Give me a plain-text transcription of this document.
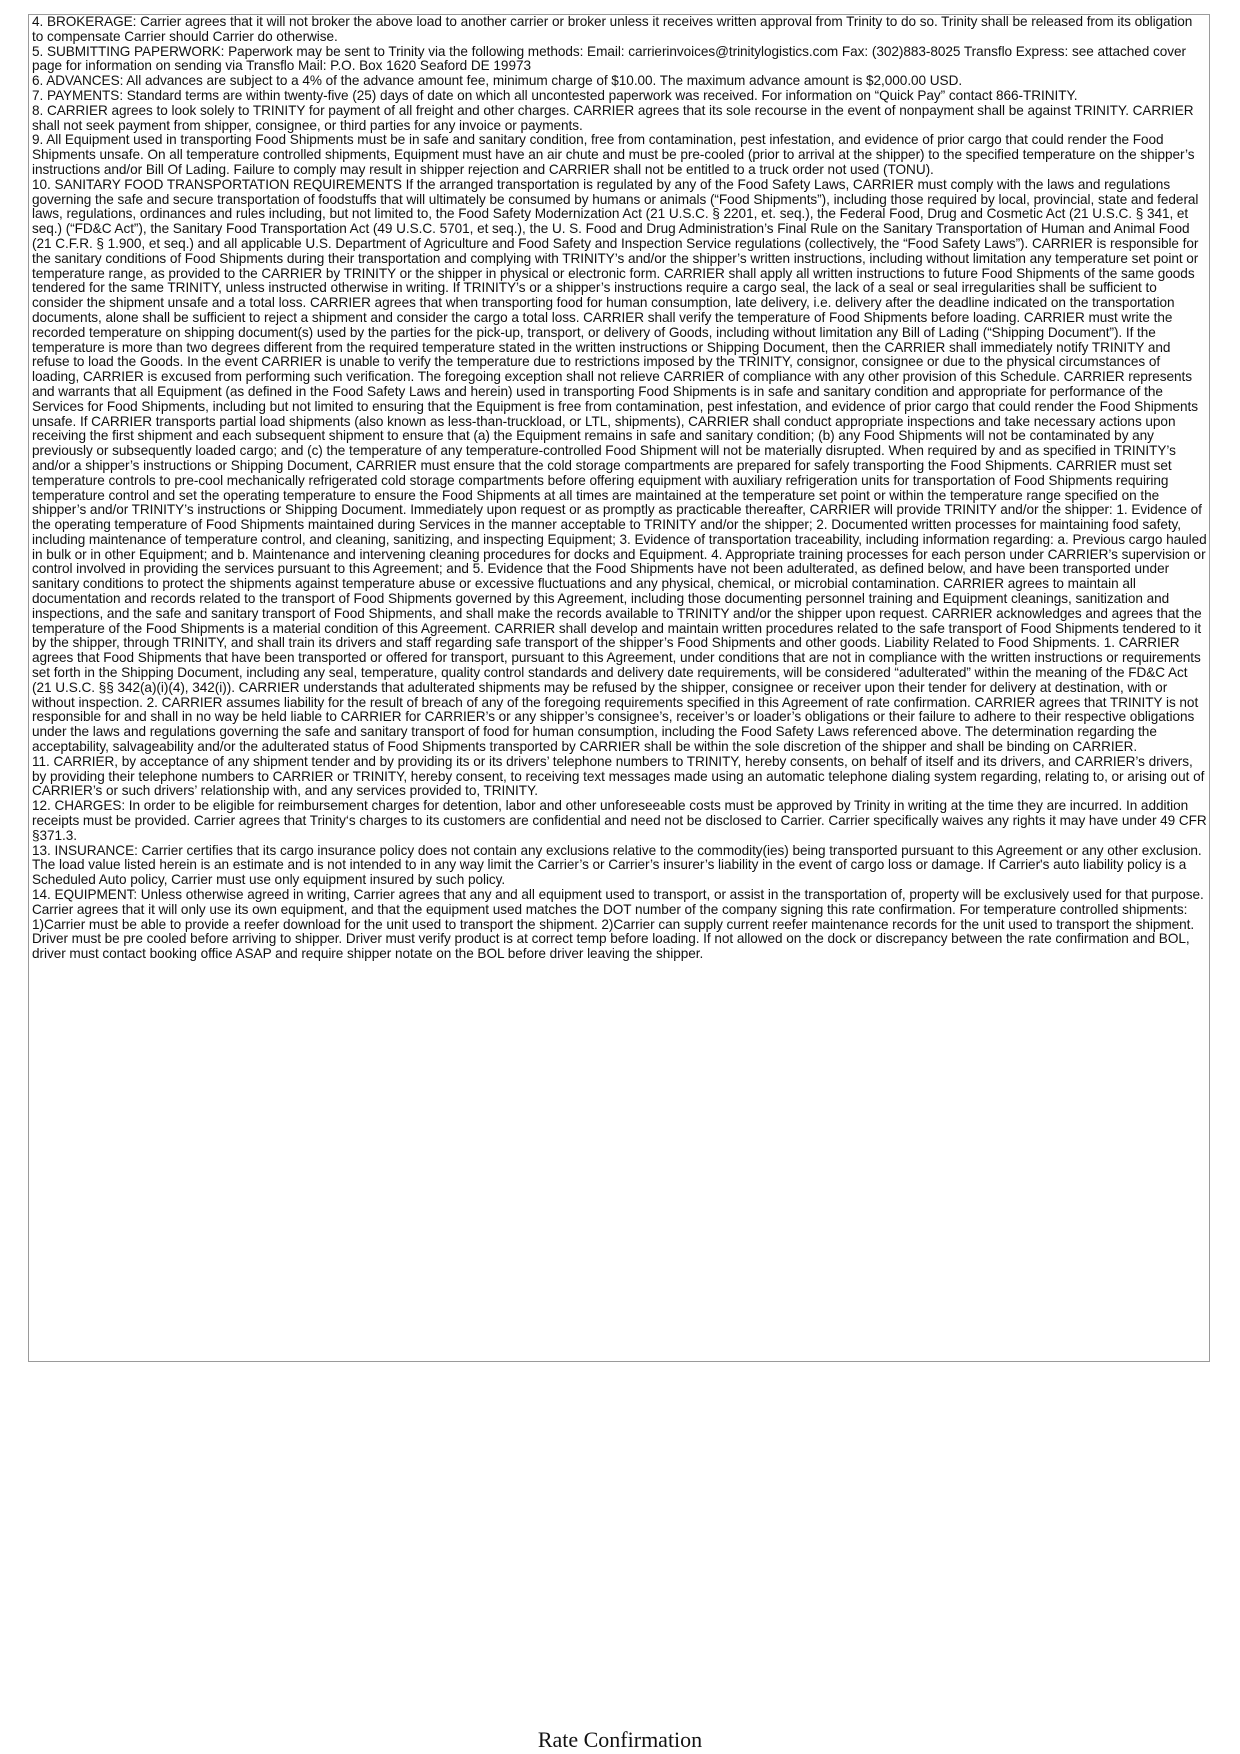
4. BROKERAGE: Carrier agrees that it will not broker the above load to another carrier or broker unless it receives written approval from Trinity to do so. Trinity shall be released from its obligation to compensate Carrier should Carrier do otherwise.

5. SUBMITTING PAPERWORK: Paperwork may be sent to Trinity via the following methods: Email: carrierinvoices@trinitylogistics.com Fax: (302)883-8025 Transflo Express: see attached cover page for information on sending via Transflo Mail: P.O. Box 1620 Seaford DE 19973

6. ADVANCES: All advances are subject to a 4% of the advance amount fee, minimum charge of $10.00. The maximum advance amount is $2,000.00 USD.

7. PAYMENTS: Standard terms are within twenty-five (25) days of date on which all uncontested paperwork was received. For information on “Quick Pay” contact 866-TRINITY.

8. CARRIER agrees to look solely to TRINITY for payment of all freight and other charges. CARRIER agrees that its sole recourse in the event of nonpayment shall be against TRINITY. CARRIER shall not seek payment from shipper, consignee, or third parties for any invoice or payments.

9. All Equipment used in transporting Food Shipments must be in safe and sanitary condition, free from contamination, pest infestation, and evidence of prior cargo that could render the Food Shipments unsafe. On all temperature controlled shipments, Equipment must have an air chute and must be pre-cooled (prior to arrival at the shipper) to the specified temperature on the shipper’s instructions and/or Bill Of Lading. Failure to comply may result in shipper rejection and CARRIER shall not be entitled to a truck order not used (TONU).

10. SANITARY FOOD TRANSPORTATION REQUIREMENTS If the arranged transportation is regulated by any of the Food Safety Laws, CARRIER must comply with the laws and regulations governing the safe and secure transportation of foodstuffs that will ultimately be consumed by humans or animals (“Food Shipments”), including those required by local, provincial, state and federal laws, regulations, ordinances and rules including, but not limited to, the Food Safety Modernization Act (21 U.S.C. § 2201, et. seq.), the Federal Food, Drug and Cosmetic Act (21 U.S.C. § 341, et seq.) (“FD&C Act”), the Sanitary Food Transportation Act (49 U.S.C. 5701, et seq.), the U. S. Food and Drug Administration’s Final Rule on the Sanitary Transportation of Human and Animal Food (21 C.F.R. § 1.900, et seq.) and all applicable U.S. Department of Agriculture and Food Safety and Inspection Service regulations (collectively, the “Food Safety Laws”). CARRIER is responsible for the sanitary conditions of Food Shipments during their transportation and complying with TRINITY’s and/or the shipper’s written instructions, including without limitation any temperature set point or temperature range, as provided to the CARRIER by TRINITY or the shipper in physical or electronic form. CARRIER shall apply all written instructions to future Food Shipments of the same goods tendered for the same TRINITY, unless instructed otherwise in writing. If TRINITY’s or a shipper’s instructions require a cargo seal, the lack of a seal or seal irregularities shall be sufficient to consider the shipment unsafe and a total loss. CARRIER agrees that when transporting food for human consumption, late delivery, i.e. delivery after the deadline indicated on the transportation documents, alone shall be sufficient to reject a shipment and consider the cargo a total loss. CARRIER shall verify the temperature of Food Shipments before loading. CARRIER must write the recorded temperature on shipping document(s) used by the parties for the pick-up, transport, or delivery of Goods, including without limitation any Bill of Lading (“Shipping Document”). If the temperature is more than two degrees different from the required temperature stated in the written instructions or Shipping Document, then the CARRIER shall immediately notify TRINITY and refuse to load the Goods. In the event CARRIER is unable to verify the temperature due to restrictions imposed by the TRINITY, consignor, consignee or due to the physical circumstances of loading, CARRIER is excused from performing such verification. The foregoing exception shall not relieve CARRIER of compliance with any other provision of this Schedule. CARRIER represents and warrants that all Equipment (as defined in the Food Safety Laws and herein) used in transporting Food Shipments is in safe and sanitary condition and appropriate for performance of the Services for Food Shipments, including but not limited to ensuring that the Equipment is free from contamination, pest infestation, and evidence of prior cargo that could render the Food Shipments unsafe. If CARRIER transports partial load shipments (also known as less-than-truckload, or LTL, shipments), CARRIER shall conduct appropriate inspections and take necessary actions upon receiving the first shipment and each subsequent shipment to ensure that (a) the Equipment remains in safe and sanitary condition; (b) any Food Shipments will not be contaminated by any previously or subsequently loaded cargo; and (c) the temperature of any temperature-controlled Food Shipment will not be materially disrupted. When required by and as specified in TRINITY’s and/or a shipper’s instructions or Shipping Document, CARRIER must ensure that the cold storage compartments are prepared for safely transporting the Food Shipments. CARRIER must set temperature controls to pre-cool mechanically refrigerated cold storage compartments before offering equipment with auxiliary refrigeration units for transportation of Food Shipments requiring temperature control and set the operating temperature to ensure the Food Shipments at all times are maintained at the temperature set point or within the temperature range specified on the shipper’s and/or TRINITY’s instructions or Shipping Document. Immediately upon request or as promptly as practicable thereafter, CARRIER will provide TRINITY and/or the shipper: 1. Evidence of the operating temperature of Food Shipments maintained during Services in the manner acceptable to TRINITY and/or the shipper; 2. Documented written processes for maintaining food safety, including maintenance of temperature control, and cleaning, sanitizing, and inspecting Equipment; 3. Evidence of transportation traceability, including information regarding: a. Previous cargo hauled in bulk or in other Equipment; and b. Maintenance and intervening cleaning procedures for docks and Equipment. 4. Appropriate training processes for each person under CARRIER’s supervision or control involved in providing the services pursuant to this Agreement; and 5. Evidence that the Food Shipments have not been adulterated, as defined below, and have been transported under sanitary conditions to protect the shipments against temperature abuse or excessive fluctuations and any physical, chemical, or microbial contamination. CARRIER agrees to maintain all documentation and records related to the transport of Food Shipments governed by this Agreement, including those documenting personnel training and Equipment cleanings, sanitization and inspections, and the safe and sanitary transport of Food Shipments, and shall make the records available to TRINITY and/or the shipper upon request. CARRIER acknowledges and agrees that the temperature of the Food Shipments is a material condition of this Agreement. CARRIER shall develop and maintain written procedures related to the safe transport of Food Shipments tendered to it by the shipper, through TRINITY, and shall train its drivers and staff regarding safe transport of the shipper’s Food Shipments and other goods. Liability Related to Food Shipments. 1. CARRIER agrees that Food Shipments that have been transported or offered for transport, pursuant to this Agreement, under conditions that are not in compliance with the written instructions or requirements set forth in the Shipping Document, including any seal, temperature, quality control standards and delivery date requirements, will be considered “adulterated” within the meaning of the FD&C Act (21 U.S.C. §§ 342(a)(i)(4), 342(i)). CARRIER understands that adulterated shipments may be refused by the shipper, consignee or receiver upon their tender for delivery at destination, with or without inspection. 2. CARRIER assumes liability for the result of breach of any of the foregoing requirements specified in this Agreement of rate confirmation. CARRIER agrees that TRINITY is not responsible for and shall in no way be held liable to CARRIER for CARRIER’s or any shipper’s consignee’s, receiver’s or loader’s obligations or their failure to adhere to their respective obligations under the laws and regulations governing the safe and sanitary transport of food for human consumption, including the Food Safety Laws referenced above. The determination regarding the acceptability, salvageability and/or the adulterated status of Food Shipments transported by CARRIER shall be within the sole discretion of the shipper and shall be binding on CARRIER.

11. CARRIER, by acceptance of any shipment tender and by providing its or its drivers’ telephone numbers to TRINITY, hereby consents, on behalf of itself and its drivers, and CARRIER’s drivers, by providing their telephone numbers to CARRIER or TRINITY, hereby consent, to receiving text messages made using an automatic telephone dialing system regarding, relating to, or arising out of CARRIER’s or such drivers’ relationship with, and any services provided to, TRINITY.

12. CHARGES: In order to be eligible for reimbursement charges for detention, labor and other unforeseeable costs must be approved by Trinity in writing at the time they are incurred. In addition receipts must be provided. Carrier agrees that Trinity‘s charges to its customers are confidential and need not be disclosed to Carrier. Carrier specifically waives any rights it may have under 49 CFR §371.3.

13. INSURANCE: Carrier certifies that its cargo insurance policy does not contain any exclusions relative to the commodity(ies) being transported pursuant to this Agreement or any other exclusion. The load value listed herein is an estimate and is not intended to in any way limit the Carrier’s or Carrier’s insurer’s liability in the event of cargo loss or damage. If Carrier's auto liability policy is a Scheduled Auto policy, Carrier must use only equipment insured by such policy.

14. EQUIPMENT: Unless otherwise agreed in writing, Carrier agrees that any and all equipment used to transport, or assist in the transportation of, property will be exclusively used for that purpose. Carrier agrees that it will only use its own equipment, and that the equipment used matches the DOT number of the company signing this rate confirmation. For temperature controlled shipments: 1)Carrier must be able to provide a reefer download for the unit used to transport the shipment. 2)Carrier can supply current reefer maintenance records for the unit used to transport the shipment. Driver must be pre cooled before arriving to shipper. Driver must verify product is at correct temp before loading. If not allowed on the dock or discrepancy between the rate confirmation and BOL, driver must contact booking office ASAP and require shipper notate on the BOL before driver leaving the shipper.

Rate Confirmation
